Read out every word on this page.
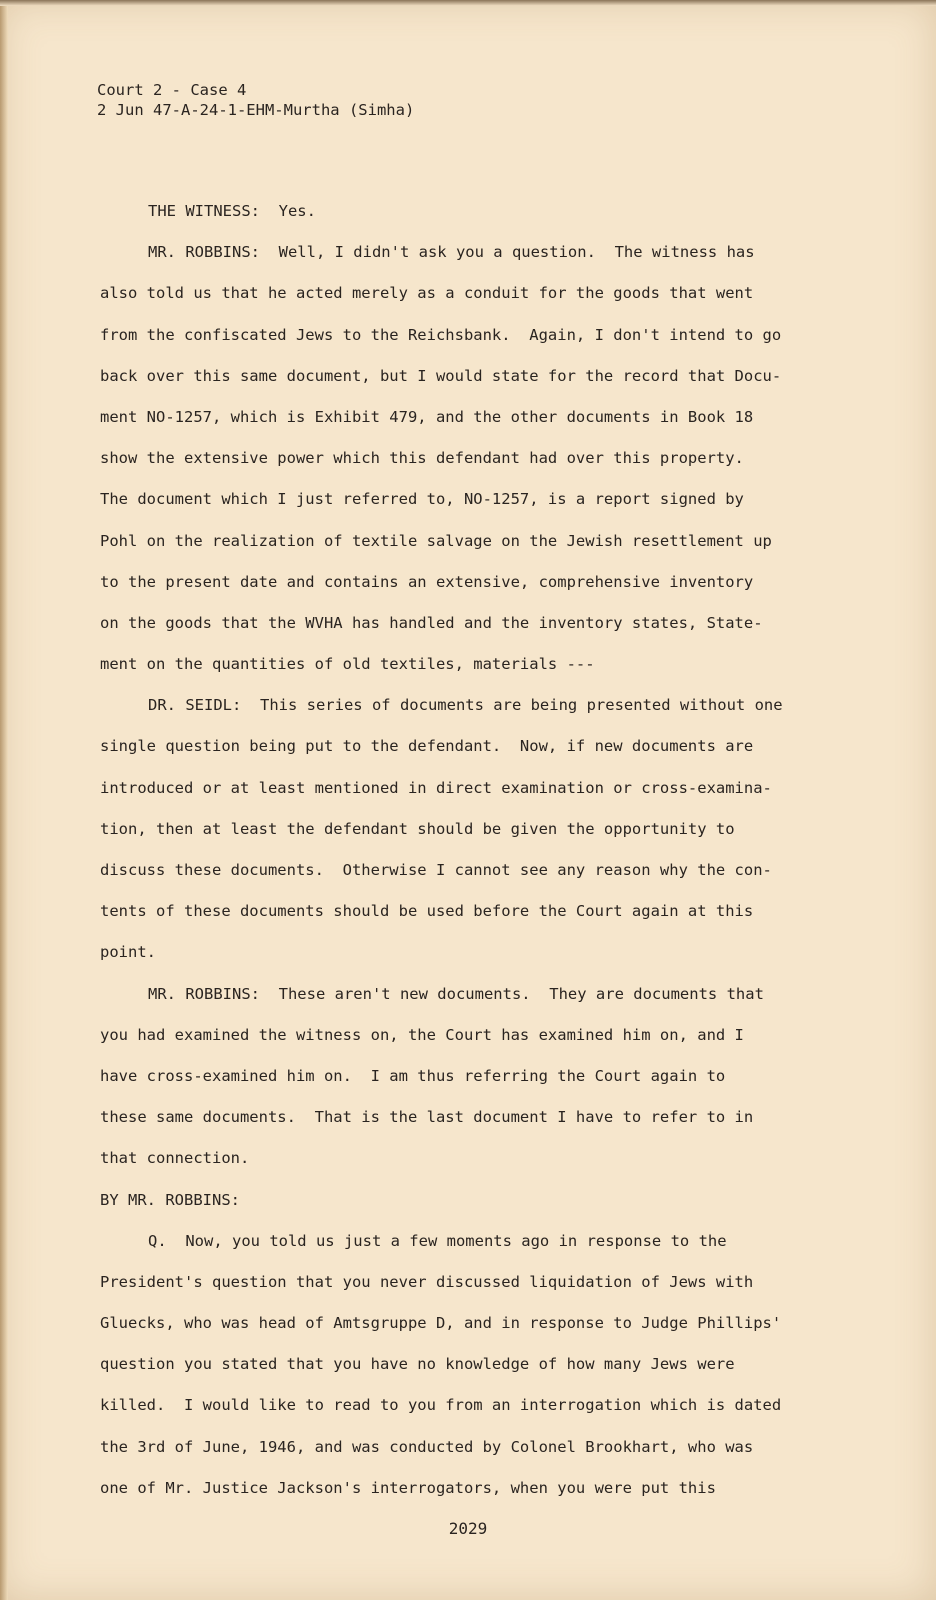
Court 2 - Case 4
2 Jun 47-A-24-1-EHM-Murtha (Simha)
THE WITNESS:  Yes.
MR. ROBBINS:  Well, I didn't ask you a question.  The witness has
also told us that he acted merely as a conduit for the goods that went
from the confiscated Jews to the Reichsbank.  Again, I don't intend to go
back over this same document, but I would state for the record that Docu-
ment NO-1257, which is Exhibit 479, and the other documents in Book 18
show the extensive power which this defendant had over this property.
The document which I just referred to, NO-1257, is a report signed by
Pohl on the realization of textile salvage on the Jewish resettlement up
to the present date and contains an extensive, comprehensive inventory
on the goods that the WVHA has handled and the inventory states, State-
ment on the quantities of old textiles, materials ---
DR. SEIDL:  This series of documents are being presented without one
single question being put to the defendant.  Now, if new documents are
introduced or at least mentioned in direct examination or cross-examina-
tion, then at least the defendant should be given the opportunity to
discuss these documents.  Otherwise I cannot see any reason why the con-
tents of these documents should be used before the Court again at this
point.
MR. ROBBINS:  These aren't new documents.  They are documents that
you had examined the witness on, the Court has examined him on, and I
have cross-examined him on.  I am thus referring the Court again to
these same documents.  That is the last document I have to refer to in
that connection.
BY MR. ROBBINS:
Q.  Now, you told us just a few moments ago in response to the
President's question that you never discussed liquidation of Jews with
Gluecks, who was head of Amtsgruppe D, and in response to Judge Phillips'
question you stated that you have no knowledge of how many Jews were
killed.  I would like to read to you from an interrogation which is dated
the 3rd of June, 1946, and was conducted by Colonel Brookhart, who was
one of Mr. Justice Jackson's interrogators, when you were put this
2029
